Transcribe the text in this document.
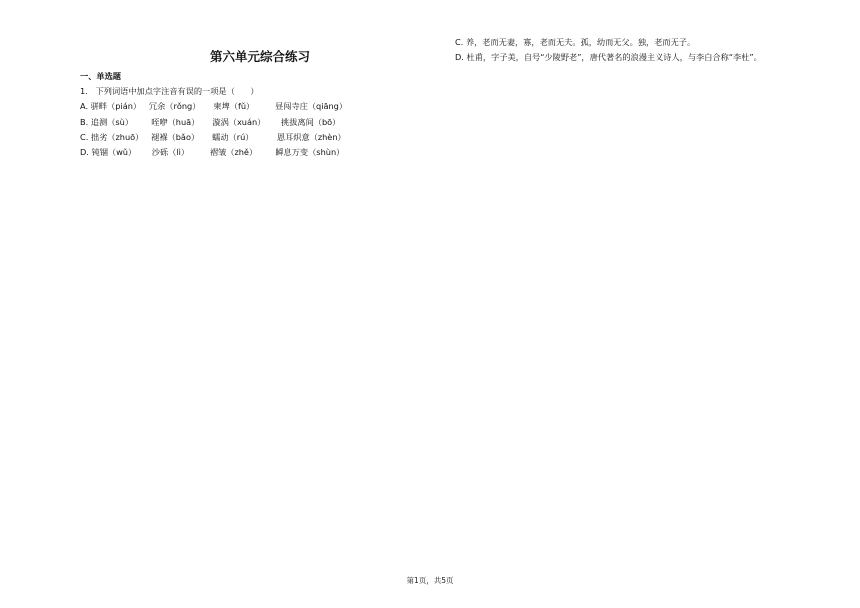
第六单元综合练习
一、单选题
1.   下列词语中加点字注音有误的一项是（      ）
A. 骈畔（pián）   冗余（rǒng）     柬埤（fǔ）        昼闯寺庄（qiāng）
B. 追测（sù）       咥咿（huā）     漩涡（xuán）      挑拔离间（bō）
C. 拙劣（zhuō）   褪褓（bǎo）     蠕动（rú）         恩耳炽意（zhèn）
D. 钝锢（wǔ）      沙砾（lì）        褶皱（zhě）       瞬息万变（shùn）
C. 养，老而无妻，寡，老而无夫。孤，幼而无父。独，老而无子。
D. 杜甫，字子美，自号“少陵野老”，唐代著名的浪漫主义诗人，与李白合称“李杜”。
第1页，共5页
